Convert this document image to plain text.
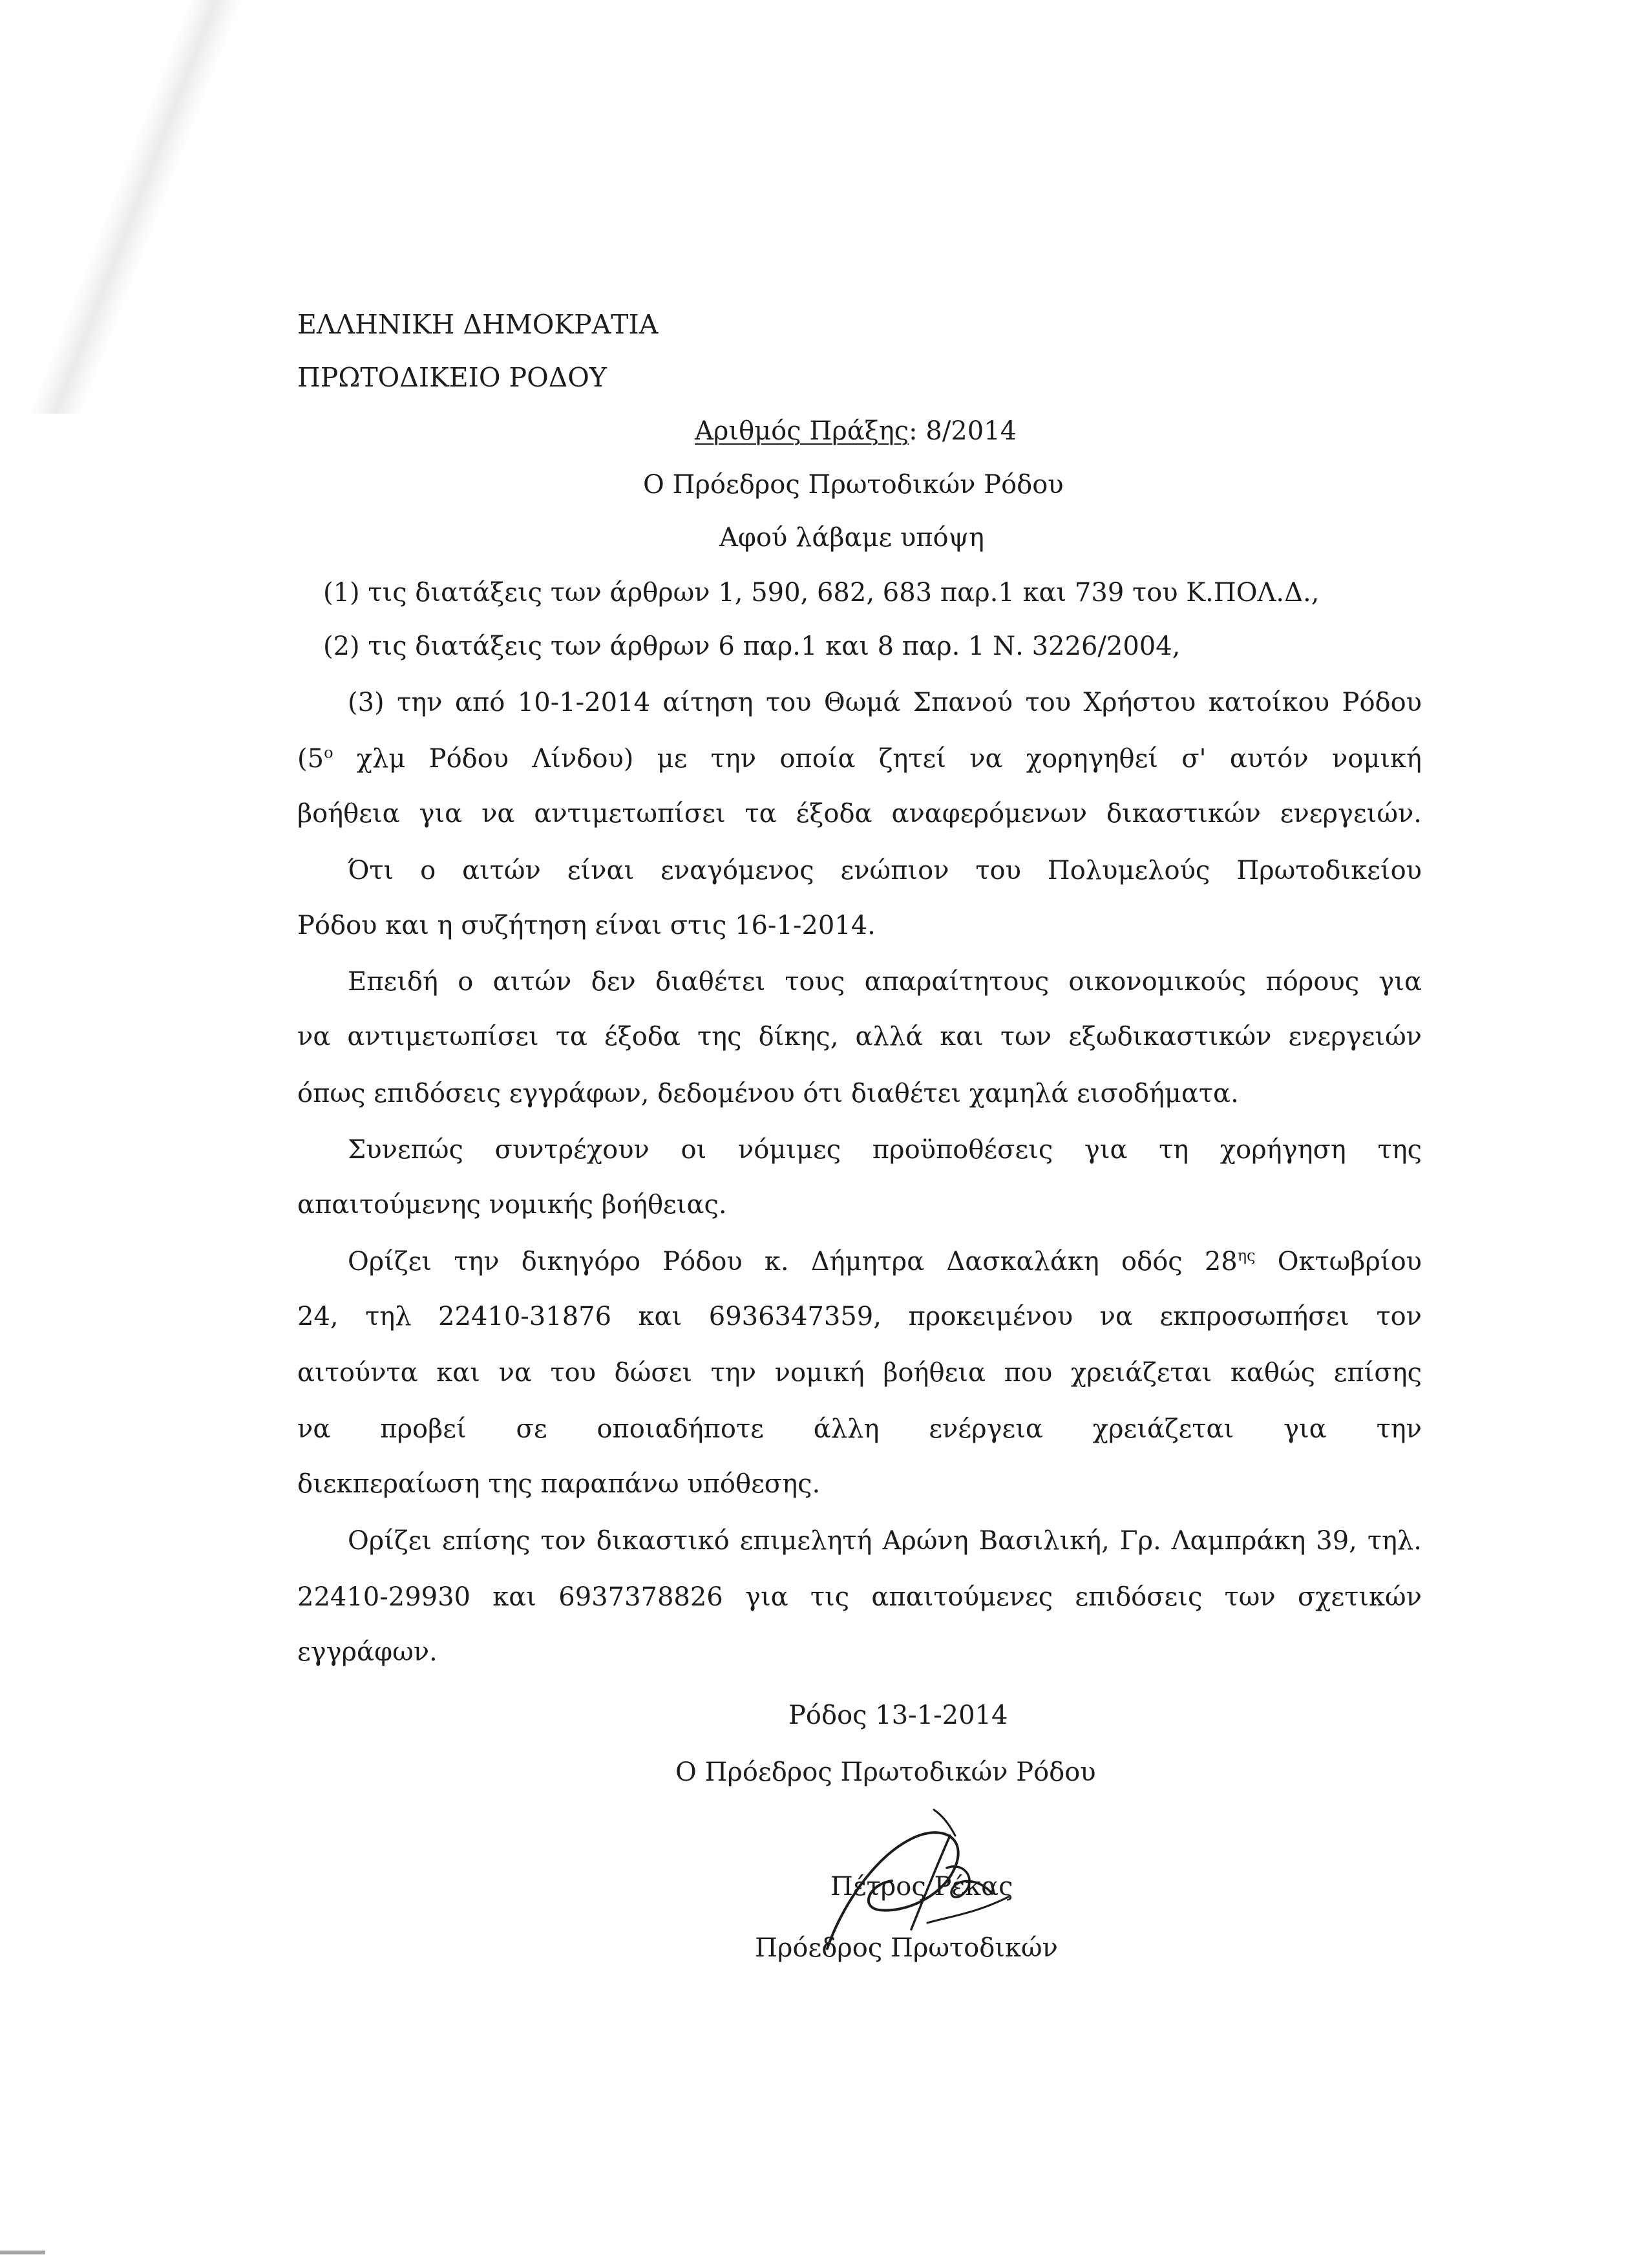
ΕΛΛΗΝΙΚΗ ΔΗΜΟΚΡΑΤΙΑ
ΠΡΩΤΟΔΙΚΕΙΟ ΡΟΔΟΥ
Αριθμός Πράξης: 8/2014
Ο Πρόεδρος Πρωτοδικών Ρόδου
Αφού λάβαμε υπόψη
(1) τις διατάξεις των άρθρων 1, 590, 682, 683 παρ.1 και 739 του Κ.ΠΟΛ.Δ.,
(2) τις διατάξεις των άρθρων 6 παρ.1 και 8 παρ. 1 Ν. 3226/2004,
(3) την από 10-1-2014 αίτηση του Θωμά Σπανού του Χρήστου κατοίκου Ρόδου
($5^o$ χλμ Ρόδου Λίνδου) με την οποία ζητεί να χορηγηθεί σ' αυτόν νομική
βοήθεια για να αντιμετωπίσει τα έξοδα αναφερόμενων δικαστικών ενεργειών.
Ότι ο αιτών είναι εναγόμενος ενώπιον του Πολυμελούς Πρωτοδικείου
Ρόδου και η συζήτηση είναι στις 16-1-2014.
Επειδή ο αιτών δεν διαθέτει τους απαραίτητους οικονομικούς πόρους για
να αντιμετωπίσει τα έξοδα της δίκης, αλλά και των εξωδικαστικών ενεργειών
όπως επιδόσεις εγγράφων, δεδομένου ότι διαθέτει χαμηλά εισοδήματα.
Συνεπώς συντρέχουν οι νόμιμες προϋποθέσεις για τη χορήγηση της
απαιτούμενης νομικής βοήθειας.
Ορίζει την δικηγόρο Ρόδου κ. Δήμητρα Δασκαλάκη οδός $28^{\eta\varsigma}$ Οκτωβρίου
24, τηλ 22410-31876 και 6936347359, προκειμένου να εκπροσωπήσει τον
αιτούντα και να του δώσει την νομική βοήθεια που χρειάζεται καθώς επίσης
να προβεί σε οποιαδήποτε άλλη ενέργεια χρειάζεται για την
διεκπεραίωση της παραπάνω υπόθεσης.
Ορίζει επίσης τον δικαστικό επιμελητή Αρώνη Βασιλική, Γρ. Λαμπράκη 39, τηλ.
22410-29930 και 6937378826 για τις απαιτούμενες επιδόσεις των σχετικών
εγγράφων.
Ρόδος 13-1-2014
Ο Πρόεδρος Πρωτοδικών Ρόδου
Πέτρος Ρέκας
Πρόεδρος Πρωτοδικών
